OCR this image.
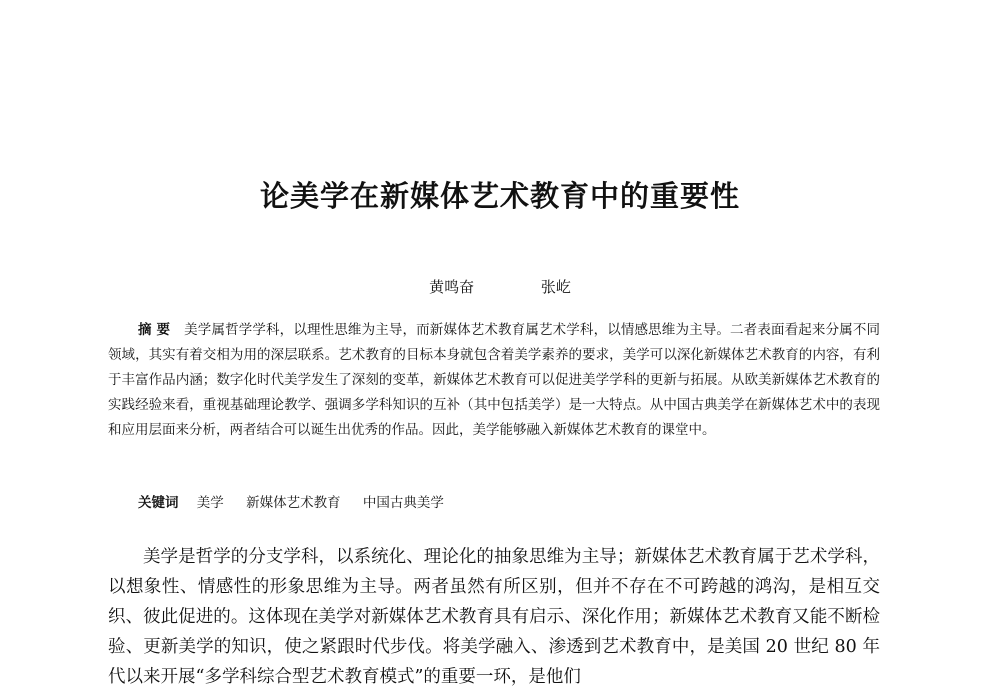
论美学在新媒体艺术教育中的重要性
黄鸣奋	张屹
摘 要 美学属哲学学科，以理性思维为主导，而新媒体艺术教育属艺术学科，以情感思维为主导。二者表面看起来分属不同领域，其实有着交相为用的深层联系。艺术教育的目标本身就包含着美学素养的要求，美学可以深化新媒体艺术教育的内容，有利于丰富作品内涵；数字化时代美学发生了深刻的变革，新媒体艺术教育可以促进美学学科的更新与拓展。从欧美新媒体艺术教育的实践经验来看，重视基础理论教学、强调多学科知识的互补（其中包括美学）是一大特点。从中国古典美学在新媒体艺术中的表现和应用层面来分析，两者结合可以诞生出优秀的作品。因此，美学能够融入新媒体艺术教育的课堂中。
关键词 美学 新媒体艺术教育 中国古典美学
美学是哲学的分支学科，以系统化、理论化的抽象思维为主导；新媒体艺术教育属于艺术学科，以想象性、情感性的形象思维为主导。两者虽然有所区别，但并不存在不可跨越的鸿沟，是相互交织、彼此促进的。这体现在美学对新媒体艺术教育具有启示、深化作用；新媒体艺术教育又能不断检验、更新美学的知识，使之紧跟时代步伐。将美学融入、渗透到艺术教育中，是美国 20 世纪 80 年代以来开展“多学科综合型艺术教育模式”的重要一环，是他们
